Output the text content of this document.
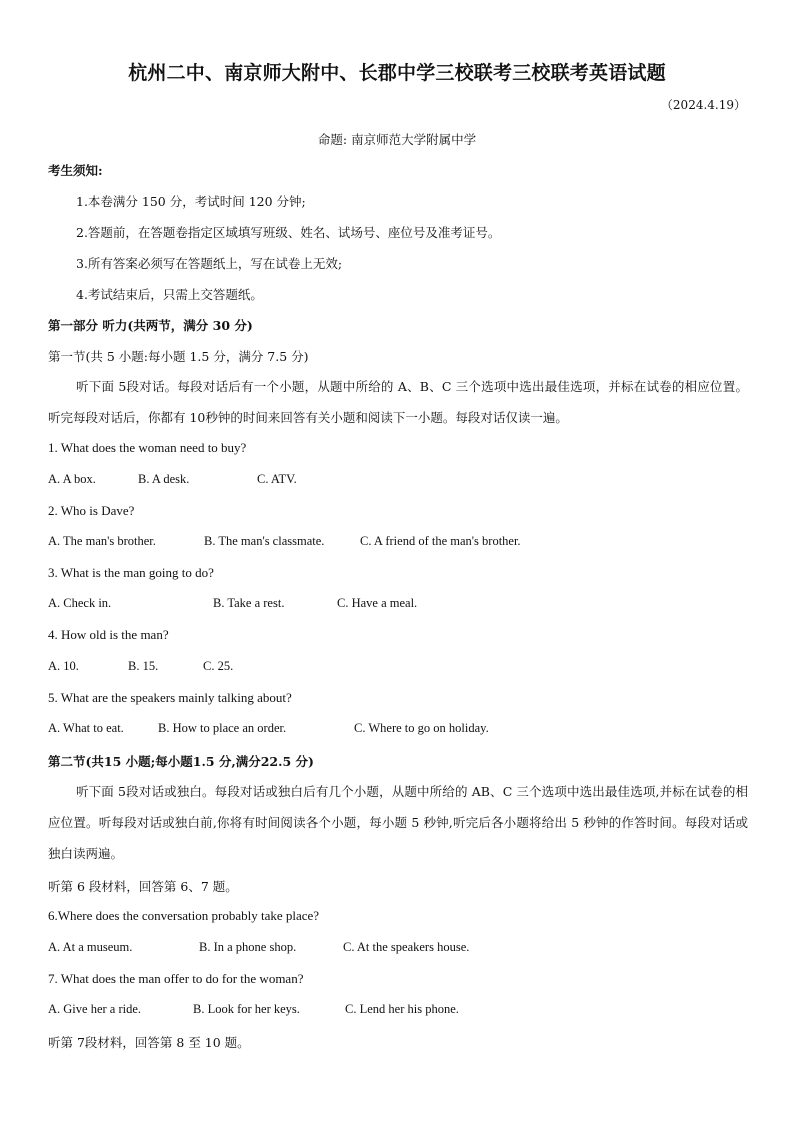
杭州二中、南京师大附中、长郡中学三校联考三校联考英语试题
（2024.4.19）
命题: 南京师范大学附属中学
考生须知:
1.本卷满分 150 分，考试时间 120 分钟;
2.答题前，在答题卷指定区域填写班级、姓名、试场号、座位号及准考证号。
3.所有答案必须写在答题纸上，写在试卷上无效;
4.考试结束后，只需上交答题纸。
第一部分 听力(共两节，满分 30 分)
第一节(共 5 小题:每小题 1.5 分，满分 7.5 分)
听下面 5段对话。每段对话后有一个小题，从题中所给的 A、B、C 三个选项中选出最佳选项，并标在试卷的相应位置。听完每段对话后，你都有 10秒钟的时间来回答有关小题和阅读下一小题。每段对话仅读一遍。
1. What does the woman need to buy?
A. A box.	B. A desk.	C. ATV.
2. Who is Dave?
A. The man's brother.	B. The man's classmate.	C. A friend of the man's brother.
3. What is the man going to do?
A. Check in.	B. Take a rest.	C. Have a meal.
4. How old is the man?
A. 10.	B. 15.	C. 25.
5. What are the speakers mainly talking about?
A. What to eat.	B. How to place an order.	C. Where to go on holiday.
第二节(共15 小题;每小题1.5 分,满分22.5 分)
听下面 5段对话或独白。每段对话或独白后有几个小题，从题中所给的 AB、C 三个选项中选出最佳选项,并标在试卷的相应位置。听每段对话或独白前,你将有时间阅读各个小题，每小题 5 秒钟,听完后各小题将给出 5 秒钟的作答时间。每段对话或独白读两遍。
听第 6 段材料，回答第 6、7 题。
6.Where does the conversation probably take place?
A. At a museum.	B. In a phone shop.	C. At the speakers house.
7. What does the man offer to do for the woman?
A. Give her a ride.	B. Look for her keys.	C. Lend her his phone.
听第 7段材料，回答第 8 至 10 题。
